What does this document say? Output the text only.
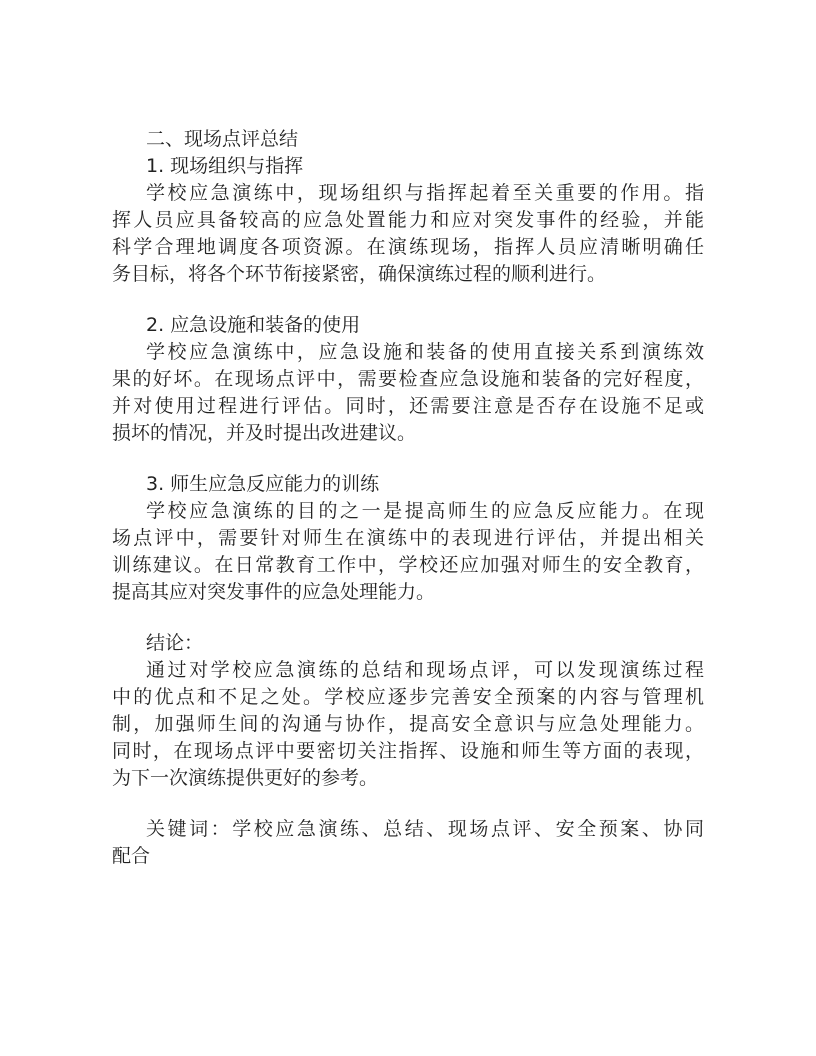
二、现场点评总结
1. 现场组织与指挥
学校应急演练中，现场组织与指挥起着至关重要的作用。指
挥人员应具备较高的应急处置能力和应对突发事件的经验，并能
科学合理地调度各项资源。在演练现场，指挥人员应清晰明确任
务目标，将各个环节衔接紧密，确保演练过程的顺利进行。
2. 应急设施和装备的使用
学校应急演练中，应急设施和装备的使用直接关系到演练效
果的好坏。在现场点评中，需要检查应急设施和装备的完好程度，
并对使用过程进行评估。同时，还需要注意是否存在设施不足或
损坏的情况，并及时提出改进建议。
3. 师生应急反应能力的训练
学校应急演练的目的之一是提高师生的应急反应能力。在现
场点评中，需要针对师生在演练中的表现进行评估，并提出相关
训练建议。在日常教育工作中，学校还应加强对师生的安全教育，
提高其应对突发事件的应急处理能力。
结论：
通过对学校应急演练的总结和现场点评，可以发现演练过程
中的优点和不足之处。学校应逐步完善安全预案的内容与管理机
制，加强师生间的沟通与协作，提高安全意识与应急处理能力。
同时，在现场点评中要密切关注指挥、设施和师生等方面的表现，
为下一次演练提供更好的参考。
关键词：学校应急演练、总结、现场点评、安全预案、协同
配合
